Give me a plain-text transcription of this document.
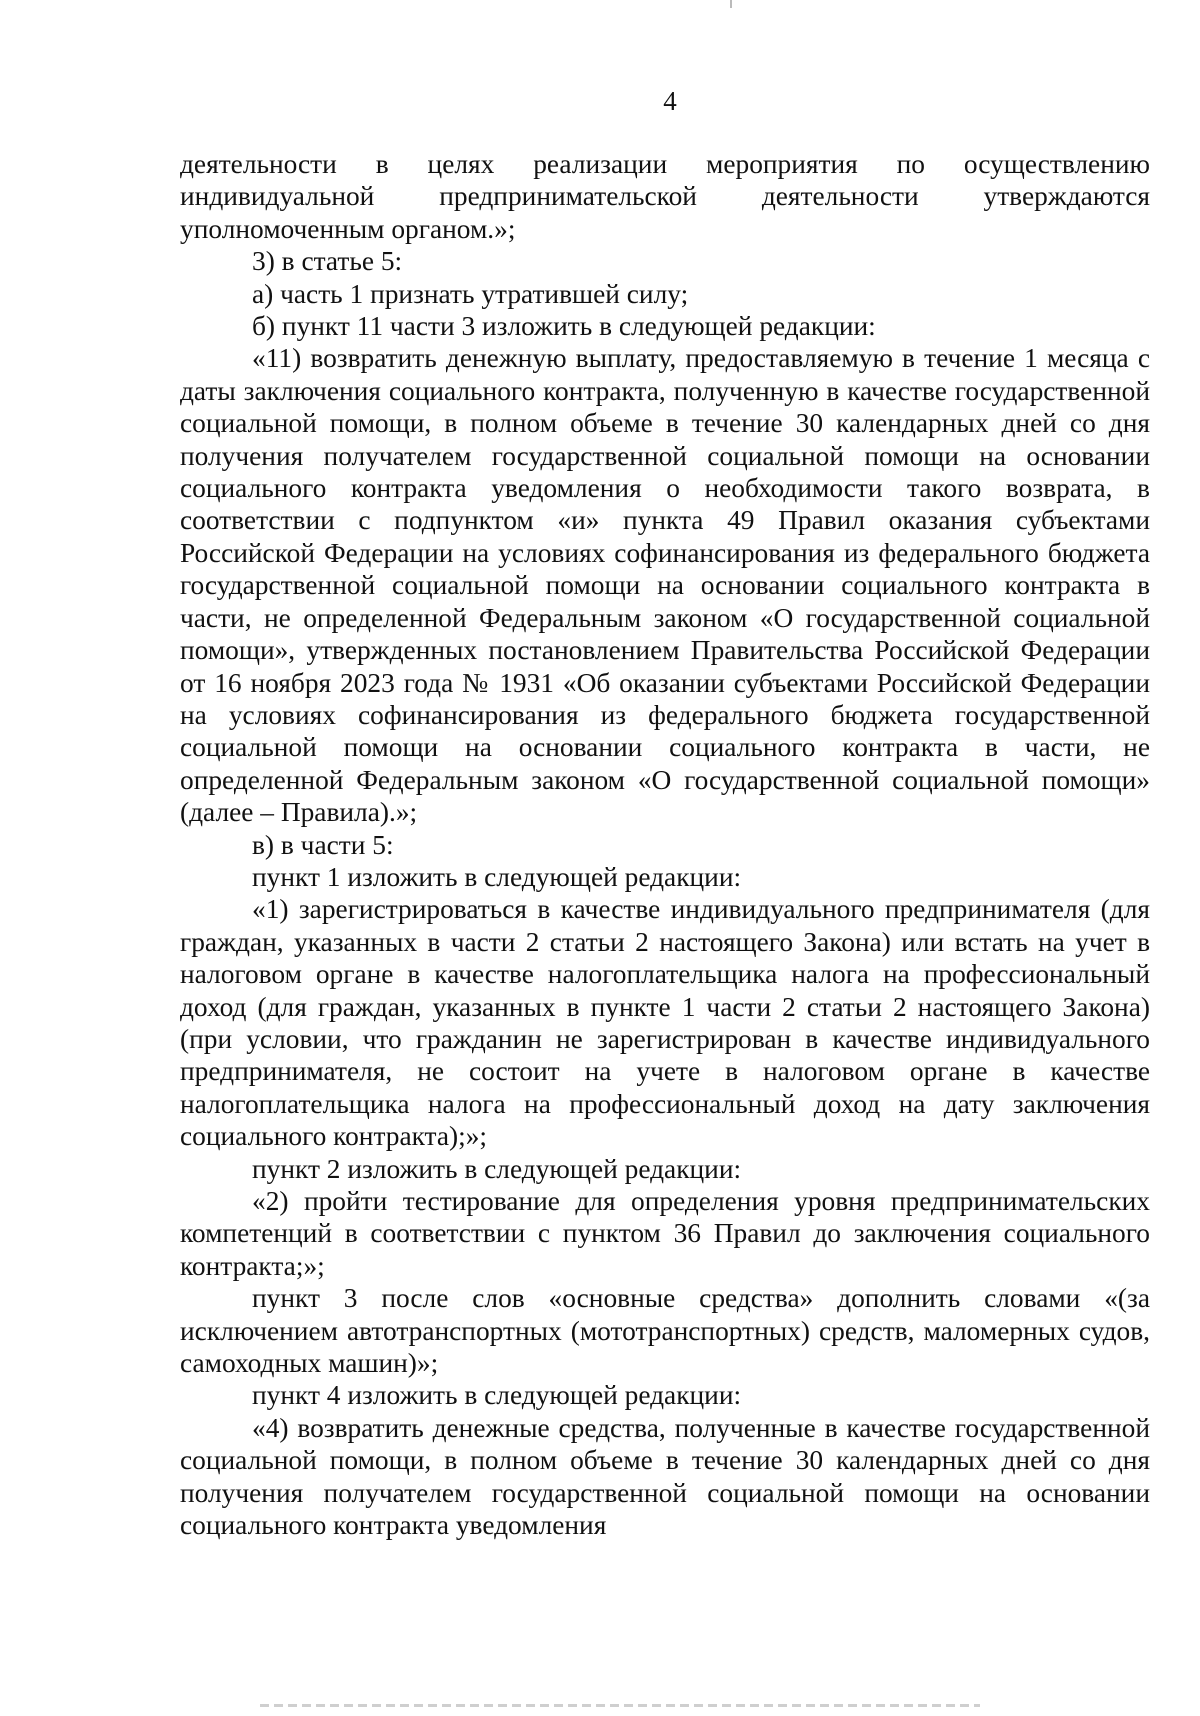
4

деятельности в целях реализации мероприятия по осуществлению индивидуальной предпринимательской деятельности утверждаются уполномоченным органом.»;

3) в статье 5:

а) часть 1 признать утратившей силу;

б) пункт 11 части 3 изложить в следующей редакции:

«11) возвратить денежную выплату, предоставляемую в течение 1 месяца с даты заключения социального контракта, полученную в качестве государственной социальной помощи, в полном объеме в течение 30 календарных дней со дня получения получателем государственной социальной помощи на основании социального контракта уведомления о необходимости такого возврата, в соответствии с подпунктом «и» пункта 49 Правил оказания субъектами Российской Федерации на условиях софинансирования из федерального бюджета государственной социальной помощи на основании социального контракта в части, не определенной Федеральным законом «О государственной социальной помощи», утвержденных постановлением Правительства Российской Федерации от 16 ноября 2023 года № 1931 «Об оказании субъектами Российской Федерации на условиях софинансирования из федерального бюджета государственной социальной помощи на основании социального контракта в части, не определенной Федеральным законом «О государственной социальной помощи» (далее – Правила).»;

в) в части 5:

пункт 1 изложить в следующей редакции:

«1) зарегистрироваться в качестве индивидуального предпринимателя (для граждан, указанных в части 2 статьи 2 настоящего Закона) или встать на учет в налоговом органе в качестве налогоплательщика налога на профессиональный доход (для граждан, указанных в пункте 1 части 2 статьи 2 настоящего Закона) (при условии, что гражданин не зарегистрирован в качестве индивидуального предпринимателя, не состоит на учете в налоговом органе в качестве налогоплательщика налога на профессиональный доход на дату заключения социального контракта);»;

пункт 2 изложить в следующей редакции:

«2) пройти тестирование для определения уровня предпринимательских компетенций в соответствии с пунктом 36 Правил до заключения социального контракта;»;

пункт 3 после слов «основные средства» дополнить словами «(за исключением автотранспортных (мототранспортных) средств, маломерных судов, самоходных машин)»;

пункт 4 изложить в следующей редакции:

«4) возвратить денежные средства, полученные в качестве государственной социальной помощи, в полном объеме в течение 30 календарных дней со дня получения получателем государственной социальной помощи на основании социального контракта уведомления
